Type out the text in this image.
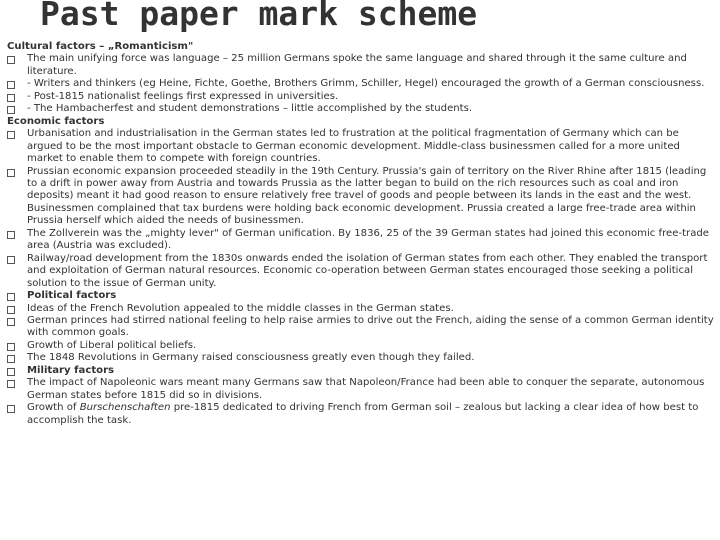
Past paper mark scheme
Cultural factors – „Romanticism"
The main unifying force was language – 25 million Germans spoke the same language and shared through it the same culture and literature.
- Writers and thinkers (eg Heine, Fichte, Goethe, Brothers Grimm, Schiller, Hegel) encouraged the growth of a German consciousness.
- Post-1815 nationalist feelings first expressed in universities.
- The Hambacherfest and student demonstrations – little accomplished by the students.
Economic factors
Urbanisation and industrialisation in the German states led to frustration at the political fragmentation of Germany which can be argued to be the most important obstacle to German economic development. Middle-class businessmen called for a more united market to enable them to compete with foreign countries.
Prussian economic expansion proceeded steadily in the 19th Century. Prussia's gain of territory on the River Rhine after 1815 (leading to a drift in power away from Austria and towards Prussia as the latter began to build on the rich resources such as coal and iron deposits) meant it had good reason to ensure relatively free travel of goods and people between its lands in the east and the west. Businessmen complained that tax burdens were holding back economic development. Prussia created a large free-trade area within Prussia herself which aided the needs of businessmen.
The Zollverein was the „mighty lever" of German unification. By 1836, 25 of the 39 German states had joined this economic free-trade area (Austria was excluded).
Railway/road development from the 1830s onwards ended the isolation of German states from each other. They enabled the transport and exploitation of German natural resources. Economic co-operation between German states encouraged those seeking a political solution to the issue of German unity.
Political factors
Ideas of the French Revolution appealed to the middle classes in the German states.
German princes had stirred national feeling to help raise armies to drive out the French, aiding the sense of a common German identity with common goals.
Growth of Liberal political beliefs.
The 1848 Revolutions in Germany raised consciousness greatly even though they failed.
Military factors
The impact of Napoleonic wars meant many Germans saw that Napoleon/France had been able to conquer the separate, autonomous German states before 1815 did so in divisions.
Growth of Burschenschaften pre-1815 dedicated to driving French from German soil – zealous but lacking a clear idea of how best to accomplish the task.
